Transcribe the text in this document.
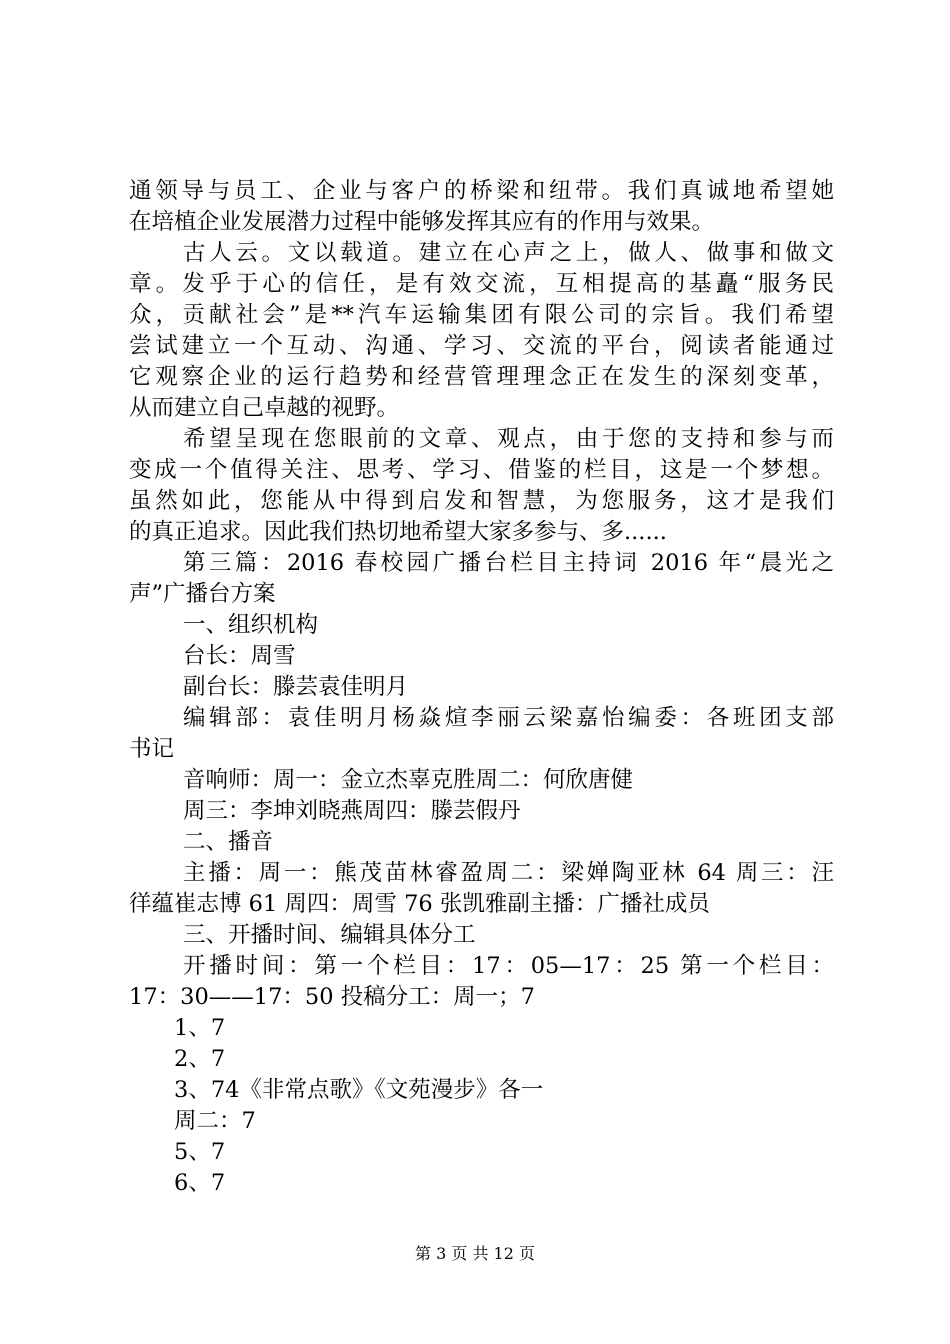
通领导与员工、企业与客户的桥梁和纽带。我们真诚地希望她
在培植企业发展潜力过程中能够发挥其应有的作用与效果。
古人云。文以载道。建立在心声之上，做人、做事和做文
章。发乎于心的信任，是有效交流，互相提高的基矗“服务民
众，贡献社会”是**汽车运输集团有限公司的宗旨。我们希望
尝试建立一个互动、沟通、学习、交流的平台，阅读者能通过
它观察企业的运行趋势和经营管理理念正在发生的深刻变革，
从而建立自己卓越的视野。
希望呈现在您眼前的文章、观点，由于您的支持和参与而
变成一个值得关注、思考、学习、借鉴的栏目，这是一个梦想。
虽然如此，您能从中得到启发和智慧，为您服务，这才是我们
的真正追求。因此我们热切地希望大家多参与、多......
第三篇：2016 春校园广播台栏目主持词 2016 年“晨光之
声”广播台方案
一、组织机构
台长：周雪
副台长：滕芸袁佳明月
编辑部：袁佳明月杨焱煊李丽云梁嘉怡编委：各班团支部
书记
音响师：周一：金立杰辜克胜周二：何欣唐健
周三：李坤刘晓燕周四：滕芸假丹
二、播音
主播：周一：熊茂苗林睿盈周二：梁婵陶亚林 64 周三：汪
徉蕴崔志博 61 周四：周雪 76 张凯雅副主播：广播社成员
三、开播时间、编辑具体分工
开播时间：第一个栏目：17：05—17：25 第一个栏目：
17：30——17：50 投稿分工：周一；7
1、7
2、7
3、74《非常点歌》《文苑漫步》各一
周二：7
5、7
6、7
第 3 页 共 12 页
